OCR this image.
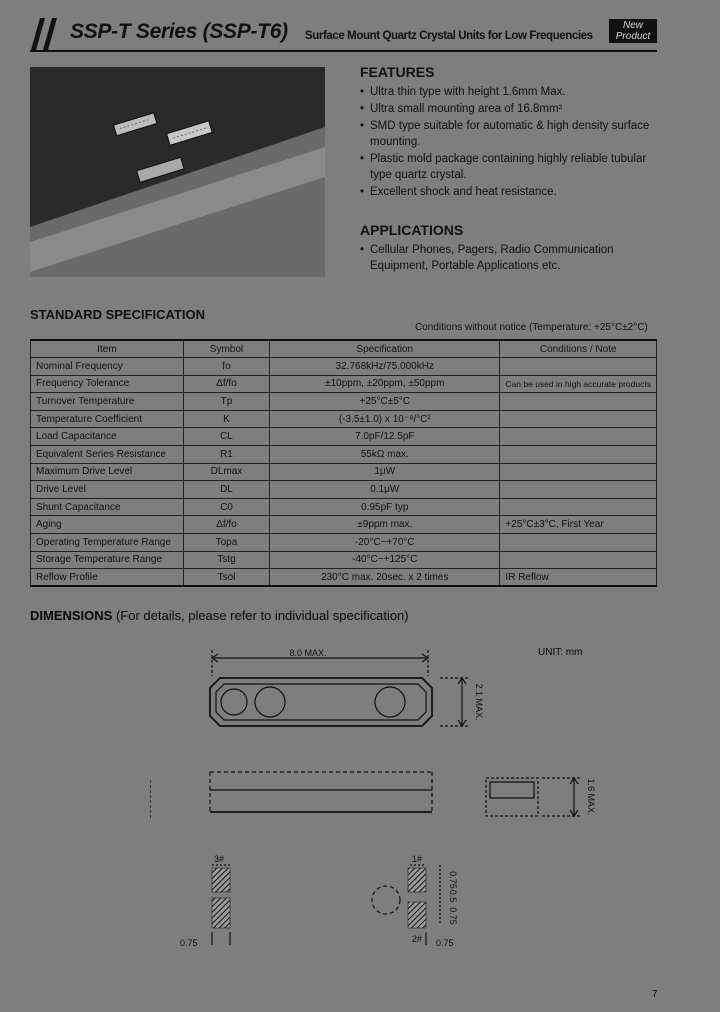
SSP-T Series (SSP-T6) Surface Mount Quartz Crystal Units for Low Frequencies
New
Product
FEATURES
• Ultra thin type with height 1.6mm Max.
• Ultra small mounting area of 16.8mm²
• SMD type suitable for automatic & high density surface mounting.
• Plastic mold package containing highly reliable tubular type quartz crystal.
• Excellent shock and heat resistance.
APPLICATIONS
• Cellular Phones, Pagers, Radio Communication Equipment, Portable Applications etc.
STANDARD SPECIFICATION
Conditions without notice (Temperature: +25°C±2°C)
Item	Symbol	Specification	Conditions / Note
Nominal Frequency	fo	32.768kHz/75.000kHz	
Frequency Tolerance	Δf/fo	±10ppm, ±20ppm, ±50ppm	Can be used in high accurate products
Turnover Temperature	Tp	+25°C±5°C	
Temperature Coefficient	K	(-3.5±1.0) x 10⁻⁸/°C²	
Load Capacitance	CL	7.0pF/12.5pF	
Equivalent Series Resistance	R1	55kΩ max.	
Maximum Drive Level	DLmax	1μW	
Drive Level	DL	0.1μW	
Shunt Capacitance	C0	0.95pF typ	
Aging	Δf/fo	±9ppm max.	+25°C±3°C, First Year
Operating Temperature Range	Topa	-20°C~+70°C	
Storage Temperature Range	Tstg	-40°C~+125°C	
Reflow Profile	Tsol	230°C max. 20sec. x 2 times	IR Reflow
DIMENSIONS (For details, please refer to individual specification)
UNIT: mm
8.0 MAX.
2.1 MAX.
1.6 MAX.
3#	1#
2#
0.75	0.75
0.75
0.5
0.75
7
